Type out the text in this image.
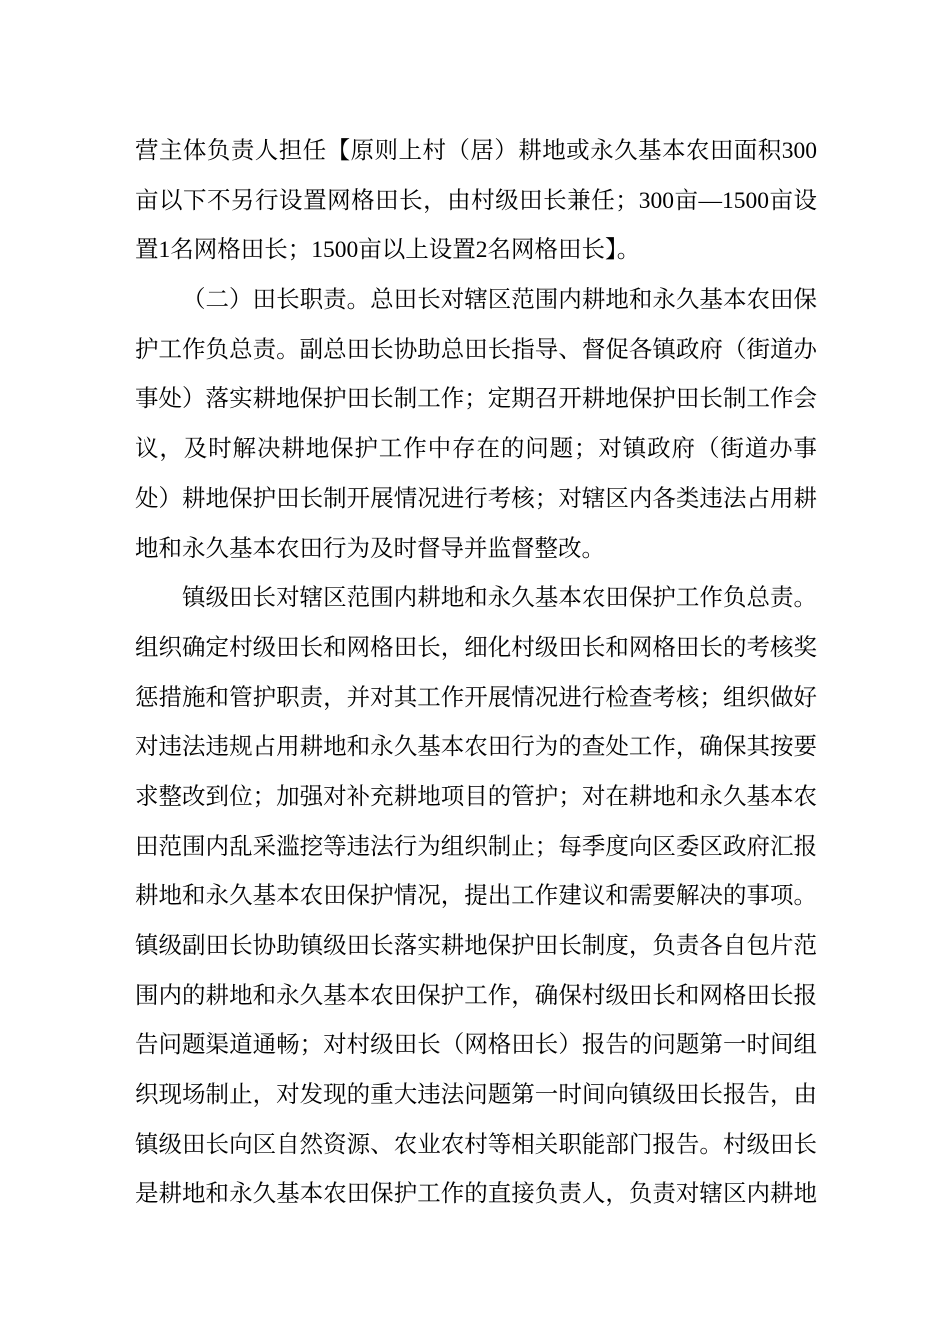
营主体负责人担任【原则上村（居）耕地或永久基本农田面积300
亩以下不另行设置网格田长，由村级田长兼任；300亩—1500亩设
置1名网格田长；1500亩以上设置2名网格田长】。
（二）田长职责。总田长对辖区范围内耕地和永久基本农田保
护工作负总责。副总田长协助总田长指导、督促各镇政府（街道办
事处）落实耕地保护田长制工作；定期召开耕地保护田长制工作会
议，及时解决耕地保护工作中存在的问题；对镇政府（街道办事
处）耕地保护田长制开展情况进行考核；对辖区内各类违法占用耕
地和永久基本农田行为及时督导并监督整改。
镇级田长对辖区范围内耕地和永久基本农田保护工作负总责。
组织确定村级田长和网格田长，细化村级田长和网格田长的考核奖
惩措施和管护职责，并对其工作开展情况进行检查考核；组织做好
对违法违规占用耕地和永久基本农田行为的查处工作，确保其按要
求整改到位；加强对补充耕地项目的管护；对在耕地和永久基本农
田范围内乱采滥挖等违法行为组织制止；每季度向区委区政府汇报
耕地和永久基本农田保护情况，提出工作建议和需要解决的事项。
镇级副田长协助镇级田长落实耕地保护田长制度，负责各自包片范
围内的耕地和永久基本农田保护工作，确保村级田长和网格田长报
告问题渠道通畅；对村级田长（网格田长）报告的问题第一时间组
织现场制止，对发现的重大违法问题第一时间向镇级田长报告，由
镇级田长向区自然资源、农业农村等相关职能部门报告。村级田长
是耕地和永久基本农田保护工作的直接负责人，负责对辖区内耕地
